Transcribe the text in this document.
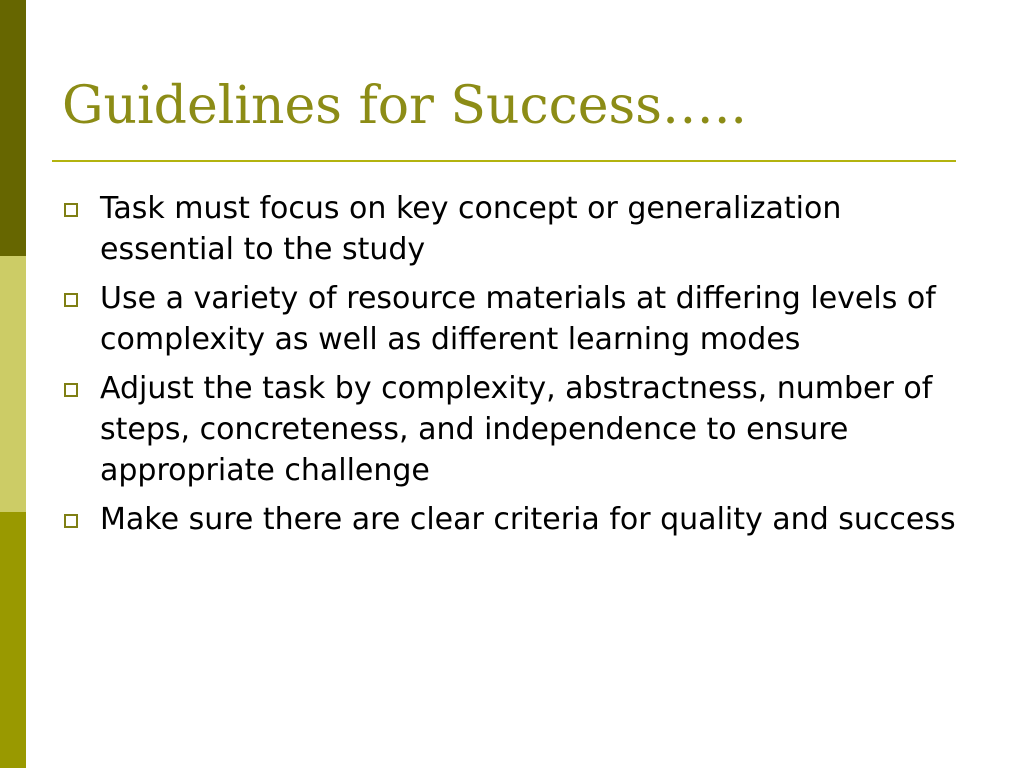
Guidelines for Success…..
Task must focus on key concept or generalization essential to the study
Use a variety of resource materials at differing levels of complexity as well as different learning modes
Adjust the task by complexity, abstractness, number of steps, concreteness, and independence to ensure appropriate challenge
Make sure there are clear criteria for quality and success
